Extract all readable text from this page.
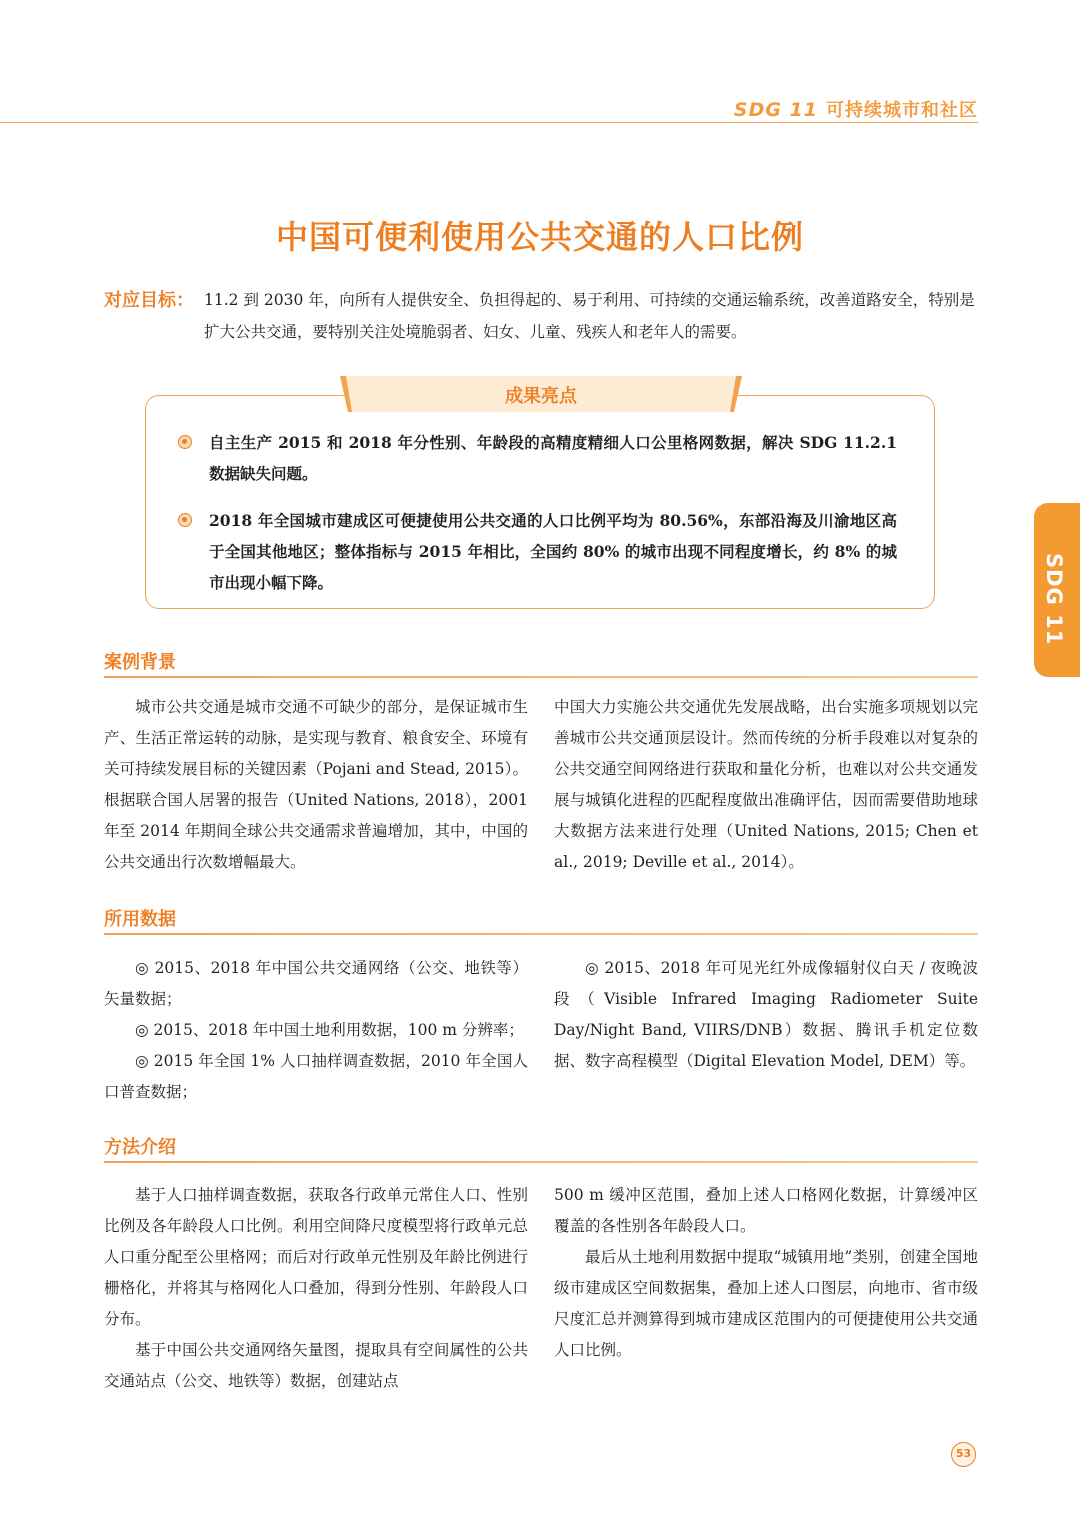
SDG 11 可持续城市和社区
中国可便利使用公共交通的人口比例
对应目标： 11.2 到 2030 年，向所有人提供安全、负担得起的、易于利用、可持续的交通运输系统，改善道路安全，特别是扩大公共交通，要特别关注处境脆弱者、妇女、儿童、残疾人和老年人的需要。
成果亮点
自主生产 2015 和 2018 年分性别、年龄段的高精度精细人口公里格网数据，解决 SDG 11.2.1 数据缺失问题。
2018 年全国城市建成区可便捷使用公共交通的人口比例平均为 80.56%，东部沿海及川渝地区高于全国其他地区；整体指标与 2015 年相比，全国约 80% 的城市出现不同程度增长，约 8% 的城市出现小幅下降。	SDG 11
案例背景

城市公共交通是城市交通不可缺少的部分，是保证城市生产、生活正常运转的动脉，是实现与教育、粮食安全、环境有关可持续发展目标的关键因素（Pojani and Stead, 2015）。根据联合国人居署的报告（United Nations, 2018），2001 年至 2014 年期间全球公共交通需求普遍增加，其中，中国的公共交通出行次数增幅最大。

中国大力实施公共交通优先发展战略，出台实施多项规划以完善城市公共交通顶层设计。然而传统的分析手段难以对复杂的公共交通空间网络进行获取和量化分析，也难以对公共交通发展与城镇化进程的匹配程度做出准确评估，因而需要借助地球大数据方法来进行处理（United Nations, 2015; Chen et al., 2019; Deville et al., 2014）。

所用数据

◎ 2015、2018 年中国公共交通网络（公交、地铁等）矢量数据；

◎ 2015、2018 年中国土地利用数据，100 m 分辨率；

◎ 2015 年全国 1% 人口抽样调查数据，2010 年全国人口普查数据；

◎ 2015、2018 年可见光红外成像辐射仪白天 / 夜晚波段（Visible Infrared Imaging Radiometer Suite Day/Night Band, VIIRS/DNB）数据、腾讯手机定位数据、数字高程模型（Digital Elevation Model, DEM）等。

方法介绍

基于人口抽样调查数据，获取各行政单元常住人口、性别比例及各年龄段人口比例。利用空间降尺度模型将行政单元总人口重分配至公里格网；而后对行政单元性别及年龄比例进行栅格化，并将其与格网化人口叠加，得到分性别、年龄段人口分布。

基于中国公共交通网络矢量图，提取具有空间属性的公共交通站点（公交、地铁等）数据，创建站点

500 m 缓冲区范围，叠加上述人口格网化数据，计算缓冲区覆盖的各性别各年龄段人口。

最后从土地利用数据中提取“城镇用地”类别，创建全国地级市建成区空间数据集，叠加上述人口图层，向地市、省市级尺度汇总并测算得到城市建成区范围内的可便捷使用公共交通人口比例。

53
